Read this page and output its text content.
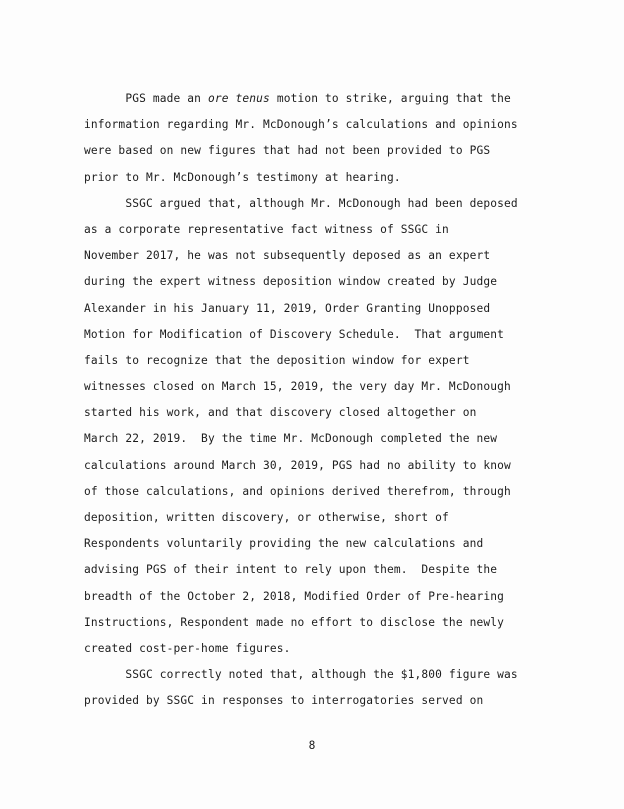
PGS made an ore tenus motion to strike, arguing that the
information regarding Mr. McDonough’s calculations and opinions
were based on new figures that had not been provided to PGS
prior to Mr. McDonough’s testimony at hearing.
SSGC argued that, although Mr. McDonough had been deposed
as a corporate representative fact witness of SSGC in
November 2017, he was not subsequently deposed as an expert
during the expert witness deposition window created by Judge
Alexander in his January 11, 2019, Order Granting Unopposed
Motion for Modification of Discovery Schedule.  That argument
fails to recognize that the deposition window for expert
witnesses closed on March 15, 2019, the very day Mr. McDonough
started his work, and that discovery closed altogether on
March 22, 2019.  By the time Mr. McDonough completed the new
calculations around March 30, 2019, PGS had no ability to know
of those calculations, and opinions derived therefrom, through
deposition, written discovery, or otherwise, short of
Respondents voluntarily providing the new calculations and
advising PGS of their intent to rely upon them.  Despite the
breadth of the October 2, 2018, Modified Order of Pre-hearing
Instructions, Respondent made no effort to disclose the newly
created cost-per-home figures.
SSGC correctly noted that, although the $1,800 figure was
provided by SSGC in responses to interrogatories served on
8
